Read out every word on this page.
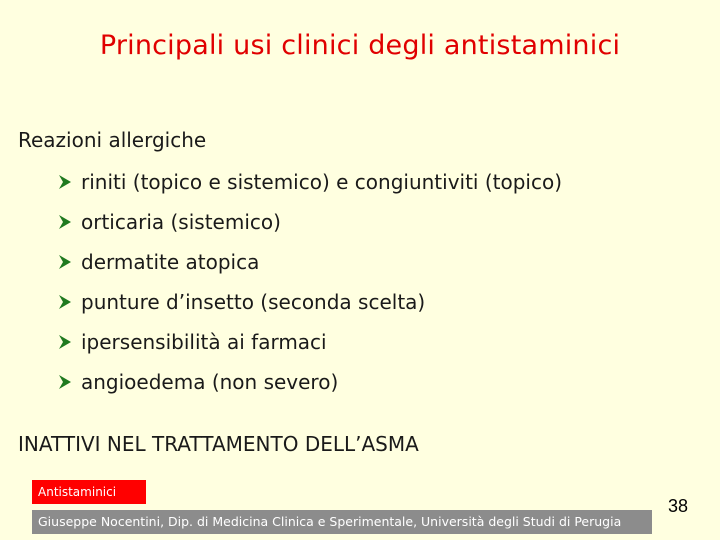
Principali usi clinici degli antistaminici
Reazioni allergiche
riniti (topico e sistemico) e congiuntiviti (topico)
orticaria (sistemico)
dermatite atopica
punture d’insetto (seconda scelta)
ipersensibilità ai farmaci
angioedema (non severo)
INATTIVI NEL TRATTAMENTO DELL’ASMA
Antistaminici
Giuseppe Nocentini, Dip. di Medicina Clinica e Sperimentale, Università degli Studi di Perugia
38
